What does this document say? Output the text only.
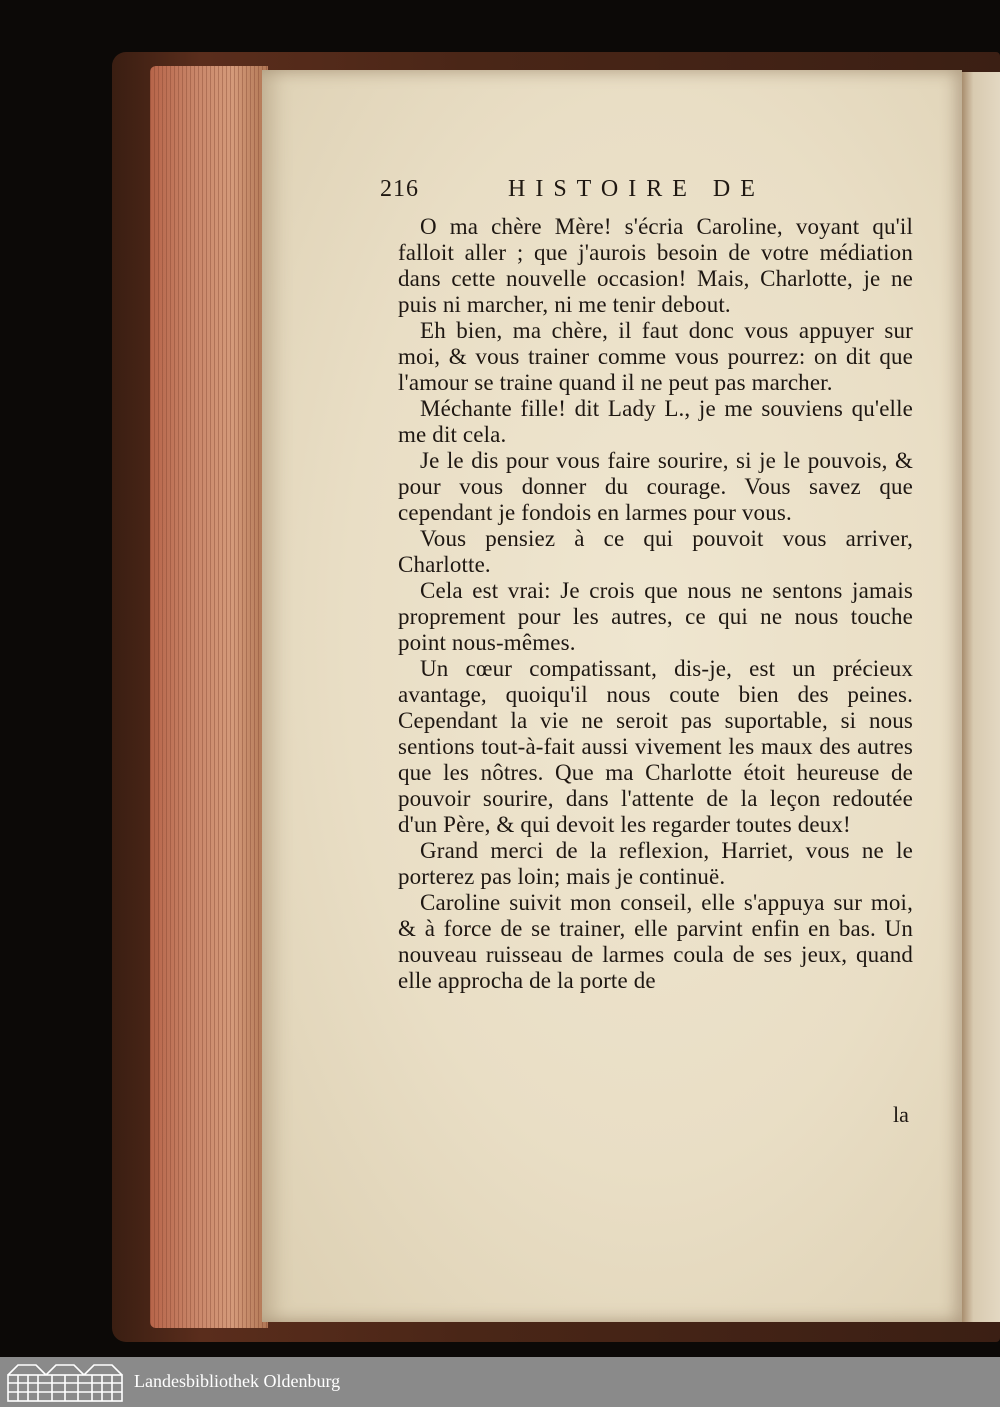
216	HISTOIRE DE

O ma chère Mère! s'écria Caroline, voyant qu'il falloit aller ; que j'aurois besoin de votre médiation dans cette nouvelle occasion! Mais, Charlotte, je ne puis ni marcher, ni me tenir debout.

Eh bien, ma chère, il faut donc vous appuyer sur moi, & vous trainer comme vous pourrez: on dit que l'amour se traine quand il ne peut pas marcher.

Méchante fille! dit Lady L., je me souviens qu'elle me dit cela.

Je le dis pour vous faire sourire, si je le pouvois, & pour vous donner du courage. Vous savez que cependant je fondois en larmes pour vous.

Vous pensiez à ce qui pouvoit vous arriver, Charlotte.

Cela est vrai: Je crois que nous ne sentons jamais proprement pour les autres, ce qui ne nous touche point nous-mêmes.

Un cœur compatissant, dis-je, est un précieux avantage, quoiqu'il nous coute bien des peines. Cependant la vie ne seroit pas suportable, si nous sentions tout-à-fait aussi vivement les maux des autres que les nôtres. Que ma Charlotte étoit heureuse de pouvoir sourire, dans l'attente de la leçon redoutée d'un Père, & qui devoit les regarder toutes deux!

Grand merci de la reflexion, Harriet, vous ne le porterez pas loin; mais je continuë.

Caroline suivit mon conseil, elle s'appuya sur moi, & à force de se trainer, elle parvint enfin en bas. Un nouveau ruisseau de larmes coula de ses jeux, quand elle approcha de la porte de

la
Landesbibliothek Oldenburg
